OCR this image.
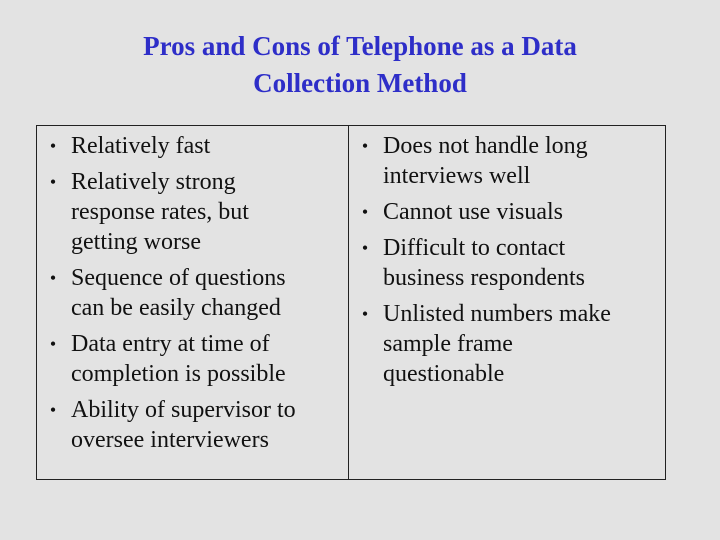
Pros and Cons of Telephone as a Data
Collection Method
• Relatively fast
• Relatively strong
response rates, but
getting worse
• Sequence of questions
can be easily changed
• Data entry at time of
completion is possible
• Ability of supervisor to
oversee interviewers
• Does not handle long
interviews well
• Cannot use visuals
• Difficult to contact
business respondents
• Unlisted numbers make
sample frame
questionable
